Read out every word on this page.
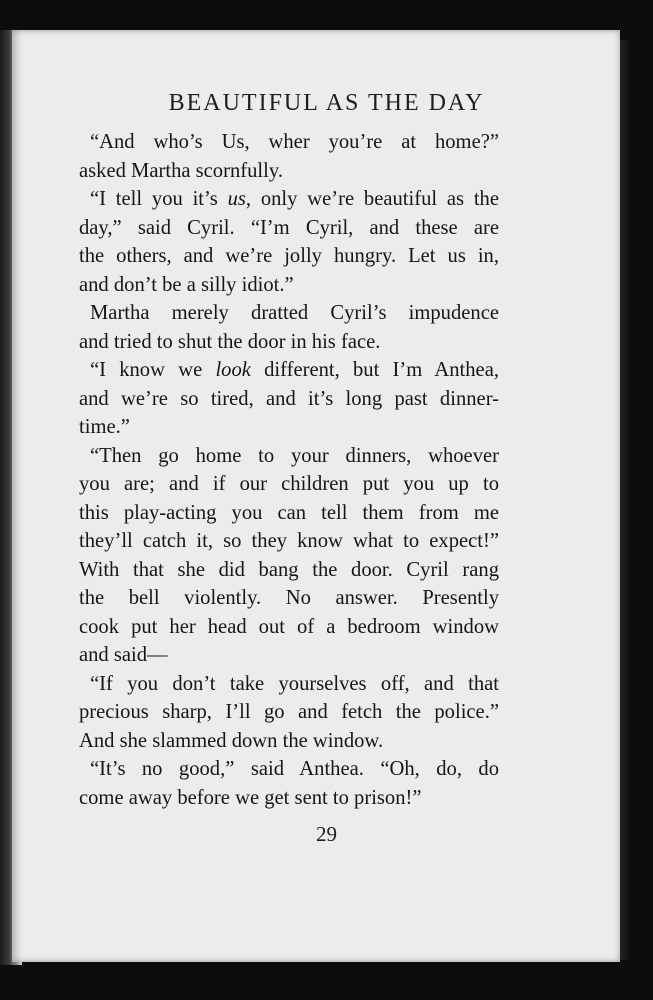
BEAUTIFUL AS THE DAY
“And who’s Us, wher you’re at home?”
asked Martha scornfully.
“I tell you it’s us, only we’re beautiful as the
day,” said Cyril. “I’m Cyril, and these are
the others, and we’re jolly hungry. Let us in,
and don’t be a silly idiot.”
Martha merely dratted Cyril’s impudence
and tried to shut the door in his face.
“I know we look different, but I’m Anthea,
and we’re so tired, and it’s long past dinner-
time.”
“Then go home to your dinners, whoever
you are; and if our children put you up to
this play-acting you can tell them from me
they’ll catch it, so they know what to expect!”
With that she did bang the door. Cyril rang
the bell violently. No answer. Presently
cook put her head out of a bedroom window
and said—
“If you don’t take yourselves off, and that
precious sharp, I’ll go and fetch the police.”
And she slammed down the window.
“It’s no good,” said Anthea. “Oh, do, do
come away before we get sent to prison!”
29
